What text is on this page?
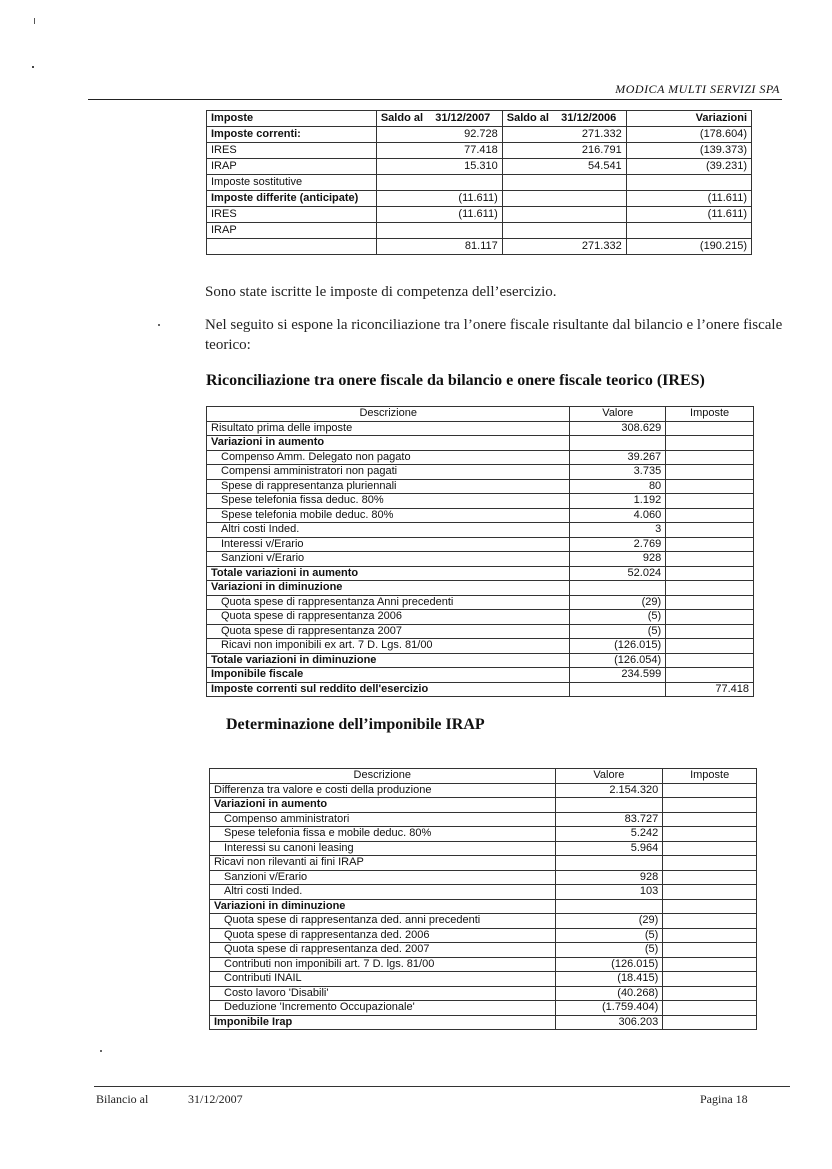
MODICA MULTI SERVIZI SPA
Imposte	Saldo al    31/12/2007	Saldo al    31/12/2006	Variazioni
Imposte correnti:	92.728	271.332	(178.604)
IRES	77.418	216.791	(139.373)
IRAP	15.310	54.541	(39.231)
Imposte sostitutive			
Imposte differite (anticipate)	(11.611)		(11.611)
IRES	(11.611)		(11.611)
IRAP			
	81.117	271.332	(190.215)
Sono state iscritte le imposte di competenza dell’esercizio.
Nel seguito si espone la riconciliazione tra l’onere fiscale risultante dal bilancio e l’onere fiscale teorico:
Riconciliazione tra onere fiscale da bilancio e onere fiscale teorico (IRES)
Descrizione	Valore	Imposte
Risultato prima delle imposte	308.629	
Variazioni in aumento		
Compenso Amm. Delegato non pagato	39.267	
Compensi amministratori non pagati	3.735	
Spese di rappresentanza pluriennali	80	
Spese telefonia fissa deduc. 80%	1.192	
Spese telefonia mobile deduc. 80%	4.060	
Altri costi Inded.	3	
Interessi v/Erario	2.769	
Sanzioni v/Erario	928	
Totale variazioni in aumento	52.024	
Variazioni in diminuzione		
Quota spese di rappresentanza Anni precedenti	(29)	
Quota spese di rappresentanza 2006	(5)	
Quota spese di rappresentanza 2007	(5)	
Ricavi non imponibili ex art. 7 D. Lgs. 81/00	(126.015)	
Totale variazioni in diminuzione	(126.054)	
Imponibile fiscale	234.599	
Imposte correnti sul reddito dell'esercizio		77.418
Determinazione dell’imponibile IRAP
Descrizione	Valore	Imposte
Differenza tra valore e costi della produzione	2.154.320	
Variazioni in aumento		
Compenso amministratori	83.727	
Spese telefonia fissa e mobile deduc. 80%	5.242	
Interessi su canoni leasing	5.964	
Ricavi non rilevanti ai fini IRAP		
Sanzioni v/Erario	928	
Altri costi Inded.	103	
Variazioni in diminuzione		
Quota spese di rappresentanza ded. anni precedenti	(29)	
Quota spese di rappresentanza ded. 2006	(5)	
Quota spese di rappresentanza ded. 2007	(5)	
Contributi non imponibili art. 7 D. lgs. 81/00	(126.015)	
Contributi INAIL	(18.415)	
Costo lavoro 'Disabili'	(40.268)	
Deduzione 'Incremento Occupazionale'	(1.759.404)	
Imponibile Irap	306.203	
Bilancio al	31/12/2007	Pagina 18
